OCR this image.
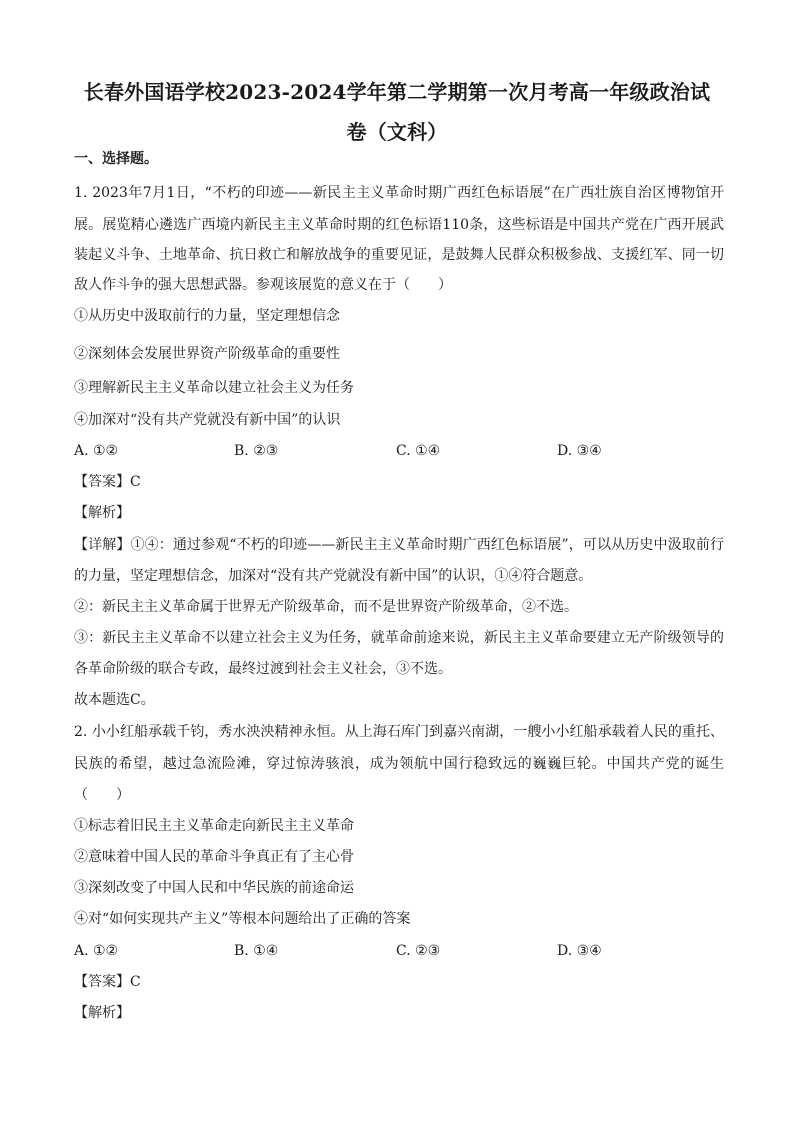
长春外国语学校2023-2024学年第二学期第一次月考高一年级政治试
卷（文科）
一、选择题。
1. 2023年7月1日，“不朽的印迹——新民主主义革命时期广西红色标语展”在广西壮族自治区博物馆开
展。展览精心遴选广西境内新民主主义革命时期的红色标语110条，这些标语是中国共产党在广西开展武
装起义斗争、土地革命、抗日救亡和解放战争的重要见证，是鼓舞人民群众积极参战、支援红军、同一切
敌人作斗争的强大思想武器。参观该展览的意义在于（　　）
①从历史中汲取前行的力量，坚定理想信念
②深刻体会发展世界资产阶级革命的重要性
③理解新民主主义革命以建立社会主义为任务
④加深对“没有共产党就没有新中国”的认识
A. ①②	B. ②③	C. ①④	D. ③④
【答案】C
【解析】
【详解】①④：通过参观“不朽的印迹——新民主主义革命时期广西红色标语展”，可以从历史中汲取前行
的力量，坚定理想信念，加深对“没有共产党就没有新中国”的认识，①④符合题意。
②：新民主主义革命属于世界无产阶级革命，而不是世界资产阶级革命，②不选。
③：新民主主义革命不以建立社会主义为任务，就革命前途来说，新民主主义革命要建立无产阶级领导的
各革命阶级的联合专政，最终过渡到社会主义社会，③不选。
故本题选C。
2. 小小红船承载千钧，秀水泱泱精神永恒。从上海石库门到嘉兴南湖，一艘小小红船承载着人民的重托、
民族的希望，越过急流险滩，穿过惊涛骇浪，成为领航中国行稳致远的巍巍巨轮。中国共产党的诞生
（　　）
①标志着旧民主主义革命走向新民主主义革命
②意味着中国人民的革命斗争真正有了主心骨
③深刻改变了中国人民和中华民族的前途命运
④对“如何实现共产主义”等根本问题给出了正确的答案
A. ①②	B. ①④	C. ②③	D. ③④
【答案】C
【解析】
